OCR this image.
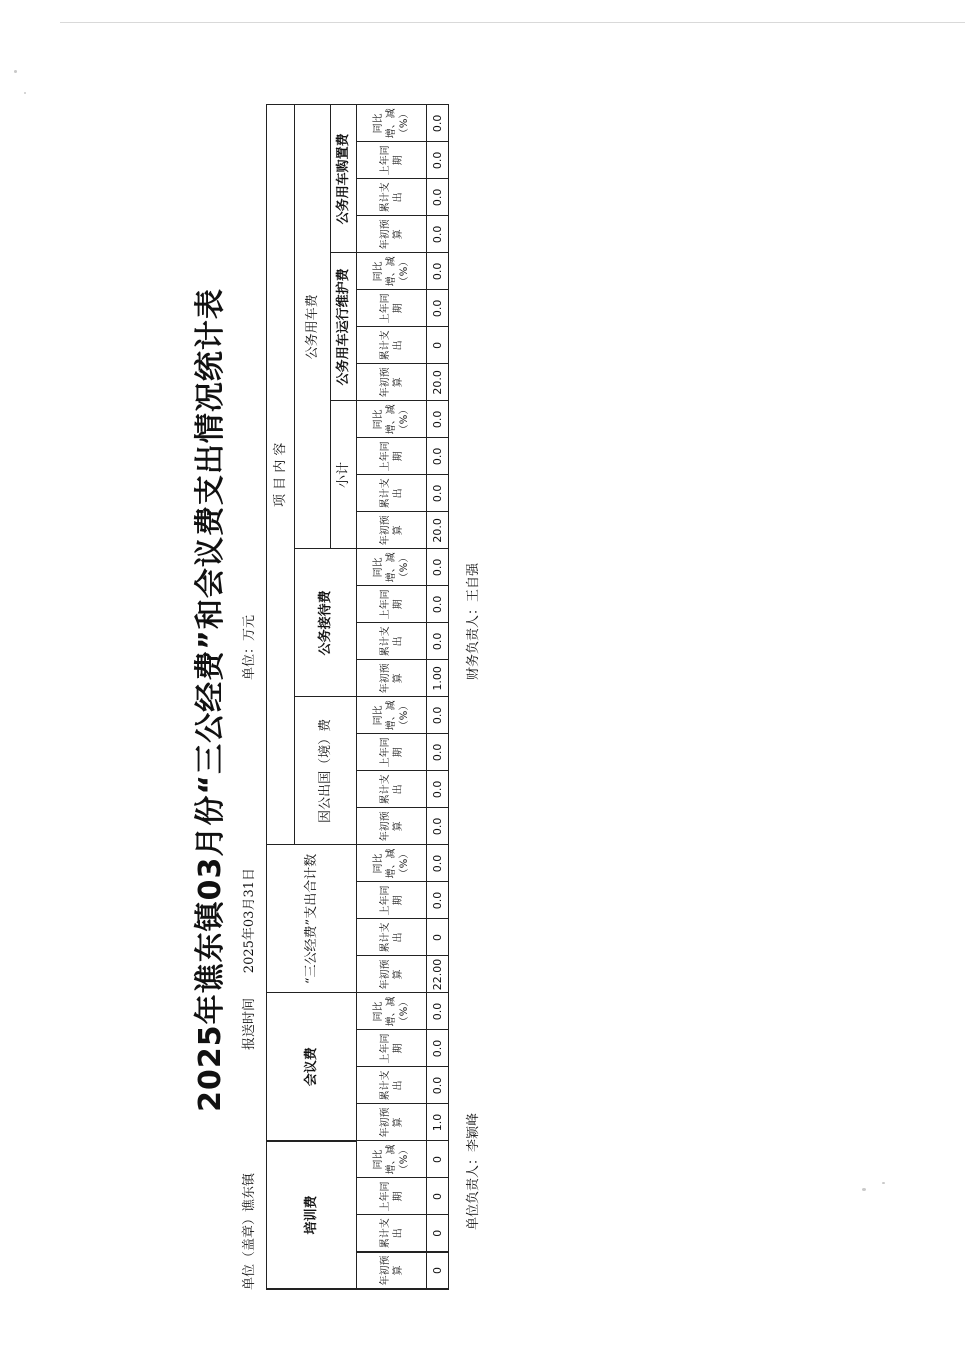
2025年谯东镇03月份“三公经费”和会议费支出情况统计表
单位（盖章）谯东镇
报送时间      2025年03月31日
单位：万元
培训费				会议费				“三公经费”支出合计数				项 目 内 容																			
												因公出国（境）费				公务接待费				公务用车费											
																				小计				公务用车运行维护费				公务用车购置费			
年初预算	累计支出	上年同期	同比增、减（%）	年初预算	累计支出	上年同期	同比增、减（%）	年初预算	累计支出	上年同期	同比增、减（%）	年初预算	累计支出	上年同期	同比增、减（%）	年初预算	累计支出	上年同期	同比增、减（%）	年初预算	累计支出	上年同期	同比增、减（%）	年初预算	累计支出	上年同期	同比增、减（%）	年初预算	累计支出	上年同期	同比增、减（%）
0	0	0	0	1.0	0.0	0.0	0.0	22.00	0	0.0	0.0	0.0	0.0	0.0	0.0	1.00	0.0	0.0	0.0	20.0	0.0	0.0	0.0	20.0	0	0.0	0.0	0.0	0.0	0.0	0.0
单位负责人：李颖峰
财务负责人：王自强
